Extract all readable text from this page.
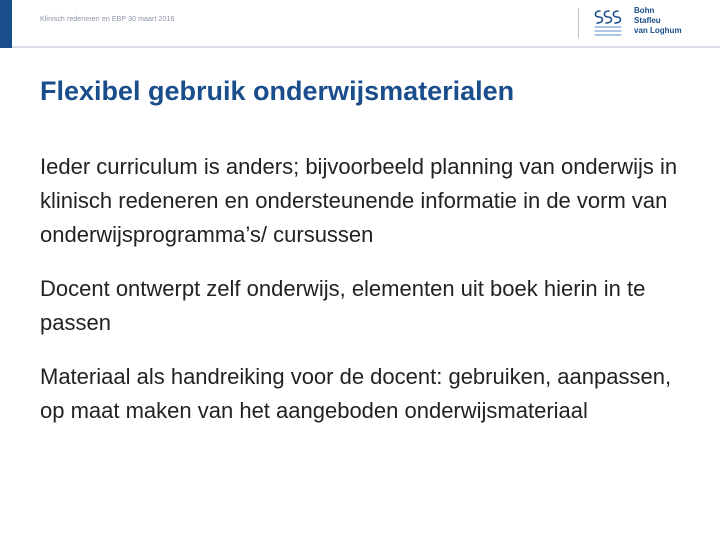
Klinisch redeneren en EBP 30 maart 2016
Bohn
Stafleu
van Loghum
Flexibel gebruik onderwijsmaterialen

Ieder curriculum is anders; bijvoorbeeld planning van onderwijs in klinisch redeneren en ondersteunende informatie in de vorm van onderwijsprogramma’s/ cursussen

Docent ontwerpt zelf onderwijs, elementen uit boek hierin in te passen

Materiaal als handreiking voor de docent: gebruiken, aanpassen, op maat maken van het aangeboden onderwijsmateriaal
